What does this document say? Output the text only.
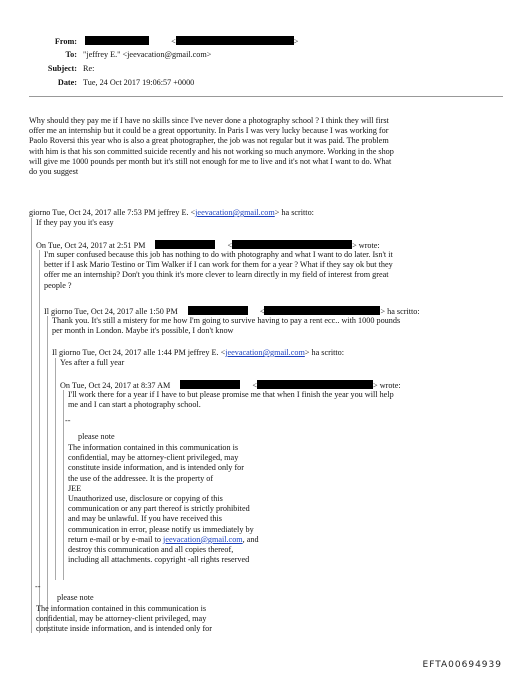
From:	<	>
To: "jeffrey E." <jeevacation@gmail.com>
Subject: Re:
Date: Tue, 24 Oct 2017 19:06:57 +0000
Why should they pay me if I have no skills since I've never done a photography school ? I think they will first
offer me an internship but it could be a great opportunity. In Paris I was very lucky because I was working for
Paolo Roversi this year who is also a great photographer, the job was not regular but it was paid. The problem
with him is that his son committed suicide recently and his not working so much anymore. Working in the shop
will give me 1000 pounds per month but it's still not enough for me to live and it's not what I want to do. What
do you suggest
giorno Tue, Oct 24, 2017 alle 7:53 PM jeffrey E. <jeevacation@gmail.com> ha scritto:
If they pay you it's easy
On Tue, Oct 24, 2017 at 2:51 PM	<	> wrote:
I'm super confused because this job has nothing to do with photography and what I want to do later. Isn't it
better if I ask Mario Testino or Tim Walker if I can work for them for a year ? What if they say ok but they
offer me an internship? Don't you think it's more clever to learn directly in my field of interest from great
people ?
Il giorno Tue, Oct 24, 2017 alle 1:50 PM	<	> ha scritto:
Thank you. It's still a mistery for me how I'm going to survive having to pay a rent ecc.. with 1000 pounds
per month in London. Maybe it's possible, I don't know
Il giorno Tue, Oct 24, 2017 alle 1:44 PM jeffrey E. <jeevacation@gmail.com> ha scritto:
Yes after a full year
On Tue, Oct 24, 2017 at 8:37 AM	<	> wrote:
I'll work there for a year if I have to but please promise me that when I finish the year you will help
me and I can start a photography school.
--
please note
The information contained in this communication is
confidential, may be attorney-client privileged, may
constitute inside information, and is intended only for
the use of the addressee. It is the property of
JEE
Unauthorized use, disclosure or copying of this
communication or any part thereof is strictly prohibited
and may be unlawful. If you have received this
communication in error, please notify us immediately by
return e-mail or by e-mail to jeevacation@gmail.com, and
destroy this communication and all copies thereof,
including all attachments. copyright -all rights reserved
--
please note
The information contained in this communication is
confidential, may be attorney-client privileged, may
constitute inside information, and is intended only for
EFTA00694939
